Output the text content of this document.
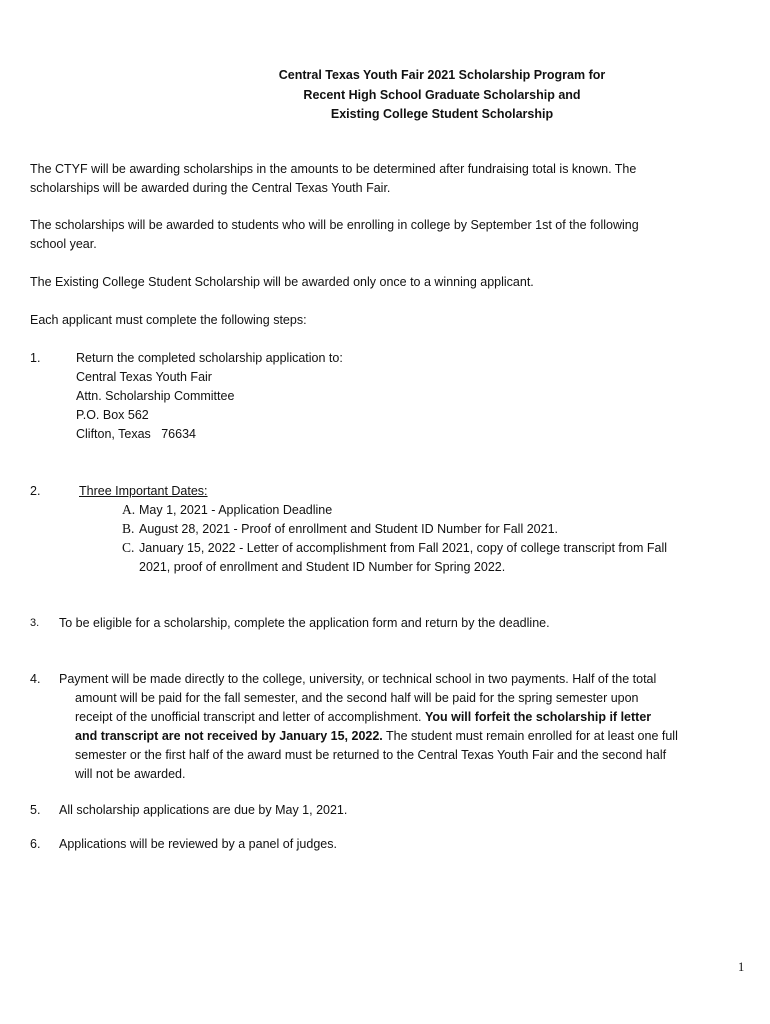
Central Texas Youth Fair 2021 Scholarship Program for
Recent High School Graduate Scholarship and
Existing College Student Scholarship

The CTYF will be awarding scholarships in the amounts to be determined after fundraising total is known. The

scholarships will be awarded during the Central Texas Youth Fair.

The scholarships will be awarded to students who will be enrolling in college by September 1st of the following

school year.

The Existing College Student Scholarship will be awarded only once to a winning applicant.

Each applicant must complete the following steps:

1.	Return the completed scholarship application to:
Central Texas Youth Fair
Attn. Scholarship Committee
P.O. Box 562
Clifton, Texas   76634
2.	Three Important Dates:
A. May 1, 2021 - Application Deadline
B. August 28, 2021 - Proof of enrollment and Student ID Number for Fall 2021.
C. January 15, 2022 - Letter of accomplishment from Fall 2021, copy of college transcript from Fall
2021, proof of enrollment and Student ID Number for Spring 2022.
3. To be eligible for a scholarship, complete the application form and return by the deadline.
4. Payment will be made directly to the college, university, or technical school in two payments. Half of the total
amount will be paid for the fall semester, and the second half will be paid for the spring semester upon
receipt of the unofficial transcript and letter of accomplishment. You will forfeit the scholarship if letter
and transcript are not received by January 15, 2022. The student must remain enrolled for at least one full
semester or the first half of the award must be returned to the Central Texas Youth Fair and the second half
will not be awarded.
5. All scholarship applications are due by May 1, 2021.
6. Applications will be reviewed by a panel of judges.
1
